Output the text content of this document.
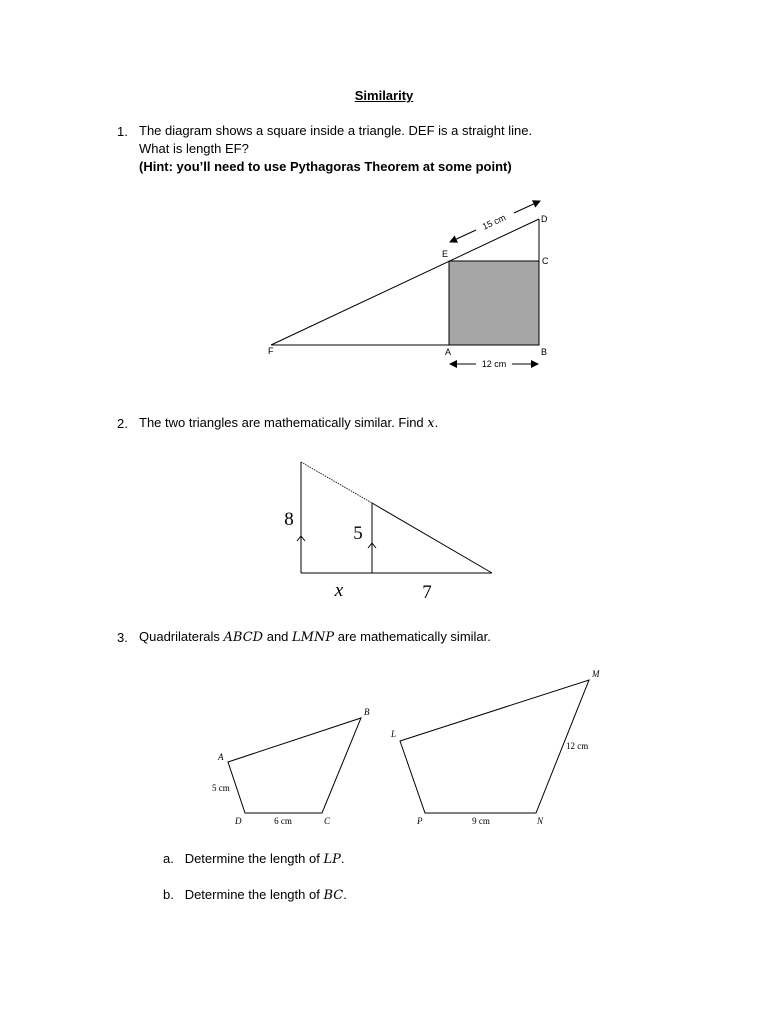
Similarity
1. The diagram shows a square inside a triangle. DEF is a straight line.
What is length EF?
(Hint: you’ll need to use Pythagoras Theorem at some point)
2. The two triangles are mathematically similar. Find x.
3. Quadrilaterals ABCD and LMNP are mathematically similar.
a. Determine the length of LP.
b. Determine the length of BC.
D
C
E
F	A	B
15 cm
12 cm
8
5
x	7
A
B
C
D
5 cm
6 cm
L
M
N
P	9 cm
12 cm
